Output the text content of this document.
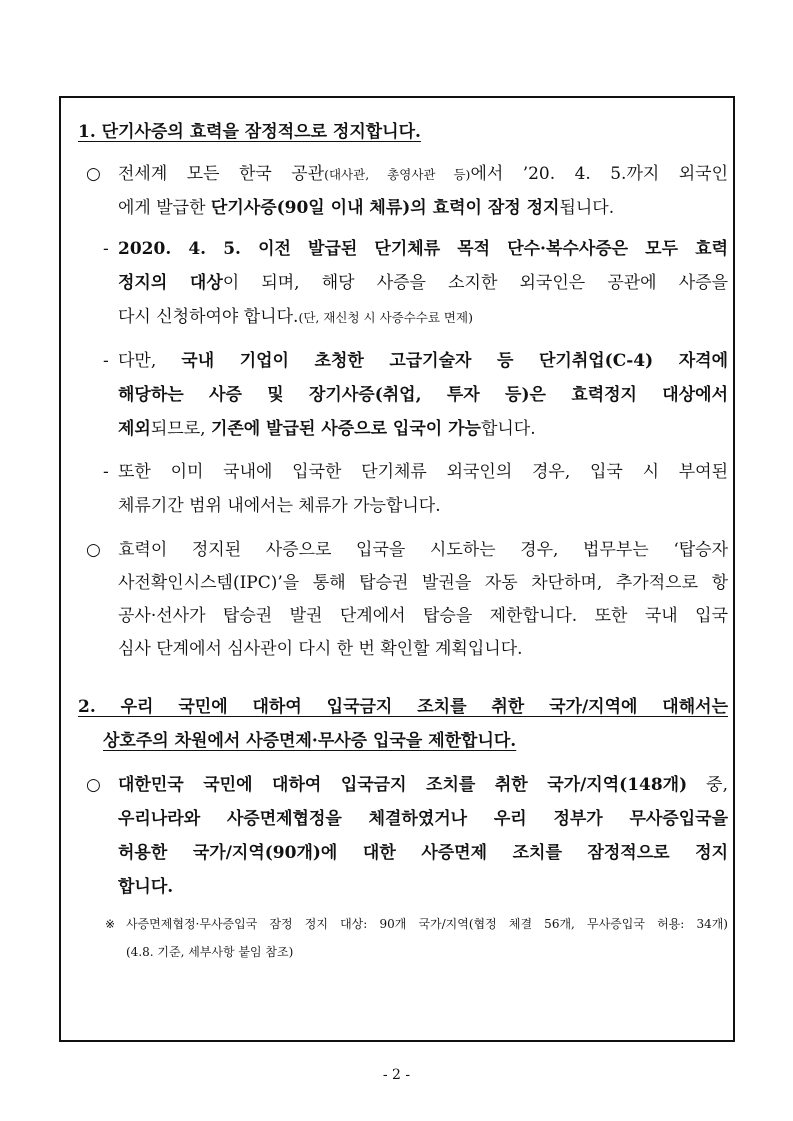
1. 단기사증의 효력을 잠정적으로 정지합니다.
○ 전세계 모든 한국 공관(대사관, 총영사관 등)에서 ’20. 4. 5.까지 외국인
에게 발급한 단기사증(90일 이내 체류)의 효력이 잠정 정지됩니다.
- 2020. 4. 5. 이전 발급된 단기체류 목적 단수·복수사증은 모두 효력
정지의 대상이 되며, 해당 사증을 소지한 외국인은 공관에 사증을
다시 신청하여야 합니다.(단, 재신청 시 사증수수료 면제)
- 다만, 국내 기업이 초청한 고급기술자 등 단기취업(C-4) 자격에
해당하는 사증 및 장기사증(취업, 투자 등)은 효력정지 대상에서
제외되므로, 기존에 발급된 사증으로 입국이 가능합니다.
- 또한 이미 국내에 입국한 단기체류 외국인의 경우, 입국 시 부여된
체류기간 범위 내에서는 체류가 가능합니다.
○ 효력이 정지된 사증으로 입국을 시도하는 경우, 법무부는 ‘탑승자
사전확인시스템(IPC)’을 통해 탑승권 발권을 자동 차단하며, 추가적으로 항
공사·선사가 탑승권 발권 단계에서 탑승을 제한합니다. 또한 국내 입국
심사 단계에서 심사관이 다시 한 번 확인할 계획입니다.
2. 우리 국민에 대하여 입국금지 조치를 취한 국가/지역에 대해서는
상호주의 차원에서 사증면제·무사증 입국을 제한합니다.
○ 대한민국 국민에 대하여 입국금지 조치를 취한 국가/지역(148개) 중,
우리나라와 사증면제협정을 체결하였거나 우리 정부가 무사증입국을
허용한 국가/지역(90개)에 대한 사증면제 조치를 잠정적으로 정지
합니다.
※ 사증면제협정·무사증입국 잠정 정지 대상: 90개 국가/지역(협정 체결 56개, 무사증입국 허용: 34개)
(4.8. 기준, 세부사항 붙임 참조)
- 2 -
